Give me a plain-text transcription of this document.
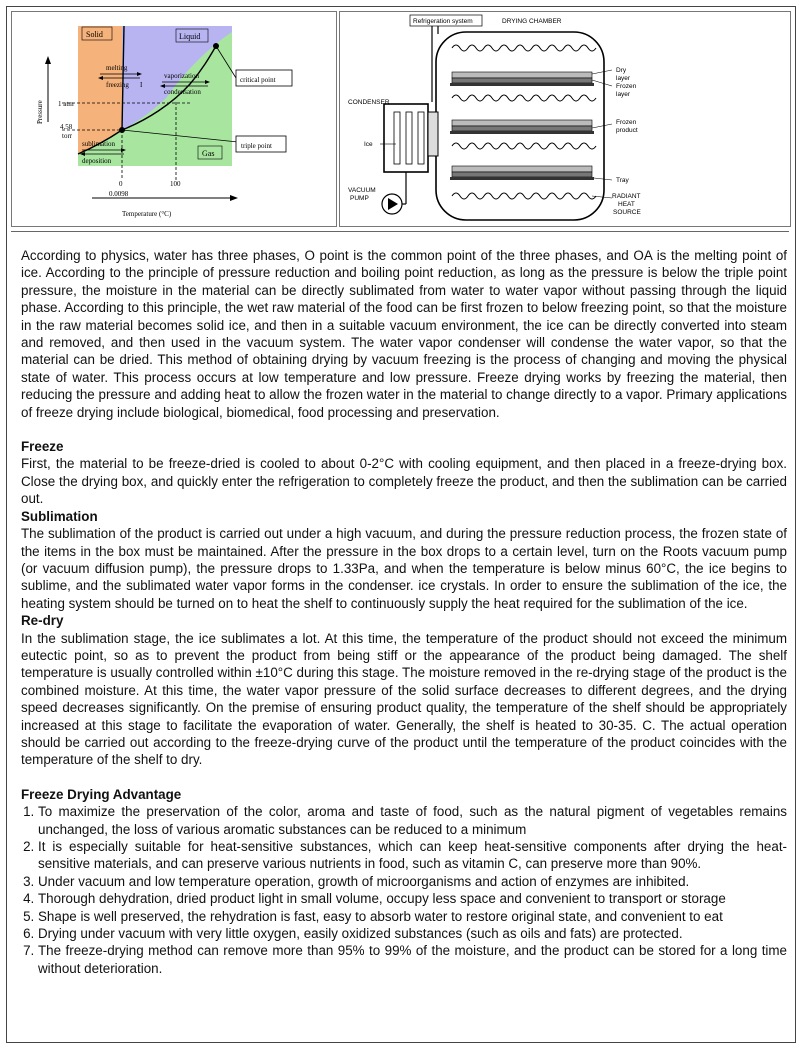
Solid	Liquid
Gas
melting
freezing I
vaporization
condensation
sublimation
deposition
critical point
triple point
1 atm
4.58
torr
0	100
0.0098
Temperature (°C)
Pressure
Refrigeration system	DRYING CHAMBER
CONDENSER
Ice
VACUUM
PUMP
Dry
layer
Frozen
layer
Frozen
product
Tray
RADIANT
HEAT
SOURCE

According to physics, water has three phases, O point is the common point of the three phases, and OA is the melting point of ice. According to the principle of pressure reduction and boiling point reduction, as long as the pressure is below the triple point pressure, the moisture in the material can be directly sublimated from water to water vapor without passing through the liquid phase. According to this principle, the wet raw material of the food can be first frozen to below freezing point, so that the moisture in the raw material becomes solid ice, and then in a suitable vacuum environment, the ice can be directly converted into steam and removed, and then used in the vacuum system. The water vapor condenser will condense the water vapor, so that the material can be dried. This method of obtaining drying by vacuum freezing is the process of changing and moving the physical state of water. This process occurs at low temperature and low pressure. Freeze drying works by freezing the material, then reducing the pressure and adding heat to allow the frozen water in the material to change directly to a vapor. Primary applications of freeze drying include biological, biomedical, food processing and preservation.

Freeze

First, the material to be freeze-dried is cooled to about 0-2°C with cooling equipment, and then placed in a freeze-drying box. Close the drying box, and quickly enter the refrigeration to completely freeze the product, and then the sublimation can be carried out.

Sublimation

The sublimation of the product is carried out under a high vacuum, and during the pressure reduction process, the frozen state of the items in the box must be maintained. After the pressure in the box drops to a certain level, turn on the Roots vacuum pump (or vacuum diffusion pump), the pressure drops to 1.33Pa, and when the temperature is below minus 60°C, the ice begins to sublime, and the sublimated water vapor forms in the condenser. ice crystals. In order to ensure the sublimation of the ice, the heating system should be turned on to heat the shelf to continuously supply the heat required for the sublimation of the ice.

Re-dry

In the sublimation stage, the ice sublimates a lot. At this time, the temperature of the product should not exceed the minimum eutectic point, so as to prevent the product from being stiff or the appearance of the product being damaged. The shelf temperature is usually controlled within ±10°C during this stage. The moisture removed in the re-drying stage of the product is the combined moisture. At this time, the water vapor pressure of the solid surface decreases to different degrees, and the drying speed decreases significantly. On the premise of ensuring product quality, the temperature of the shelf should be appropriately increased at this stage to facilitate the evaporation of water. Generally, the shelf is heated to 30-35. C. The actual operation should be carried out according to the freeze-drying curve of the product until the temperature of the product coincides with the temperature of the shelf to dry.

Freeze Drying Advantage
1. To maximize the preservation of the color, aroma and taste of food, such as the natural pigment of vegetables remains unchanged, the loss of various aromatic substances can be reduced to a minimum
2. It is especially suitable for heat-sensitive substances, which can keep heat-sensitive components after drying the heat-sensitive materials, and can preserve various nutrients in food, such as vitamin C, can preserve more than 90%.
3. Under vacuum and low temperature operation, growth of microorganisms and action of enzymes are inhibited.
4. Thorough dehydration, dried product light in small volume, occupy less space and convenient to transport or storage
5. Shape is well preserved, the rehydration is fast, easy to absorb water to restore original state, and convenient to eat
6. Drying under vacuum with very little oxygen, easily oxidized substances (such as oils and fats) are protected.
7. The freeze-drying method can remove more than 95% to 99% of the moisture, and the product can be stored for a long time without deterioration.
